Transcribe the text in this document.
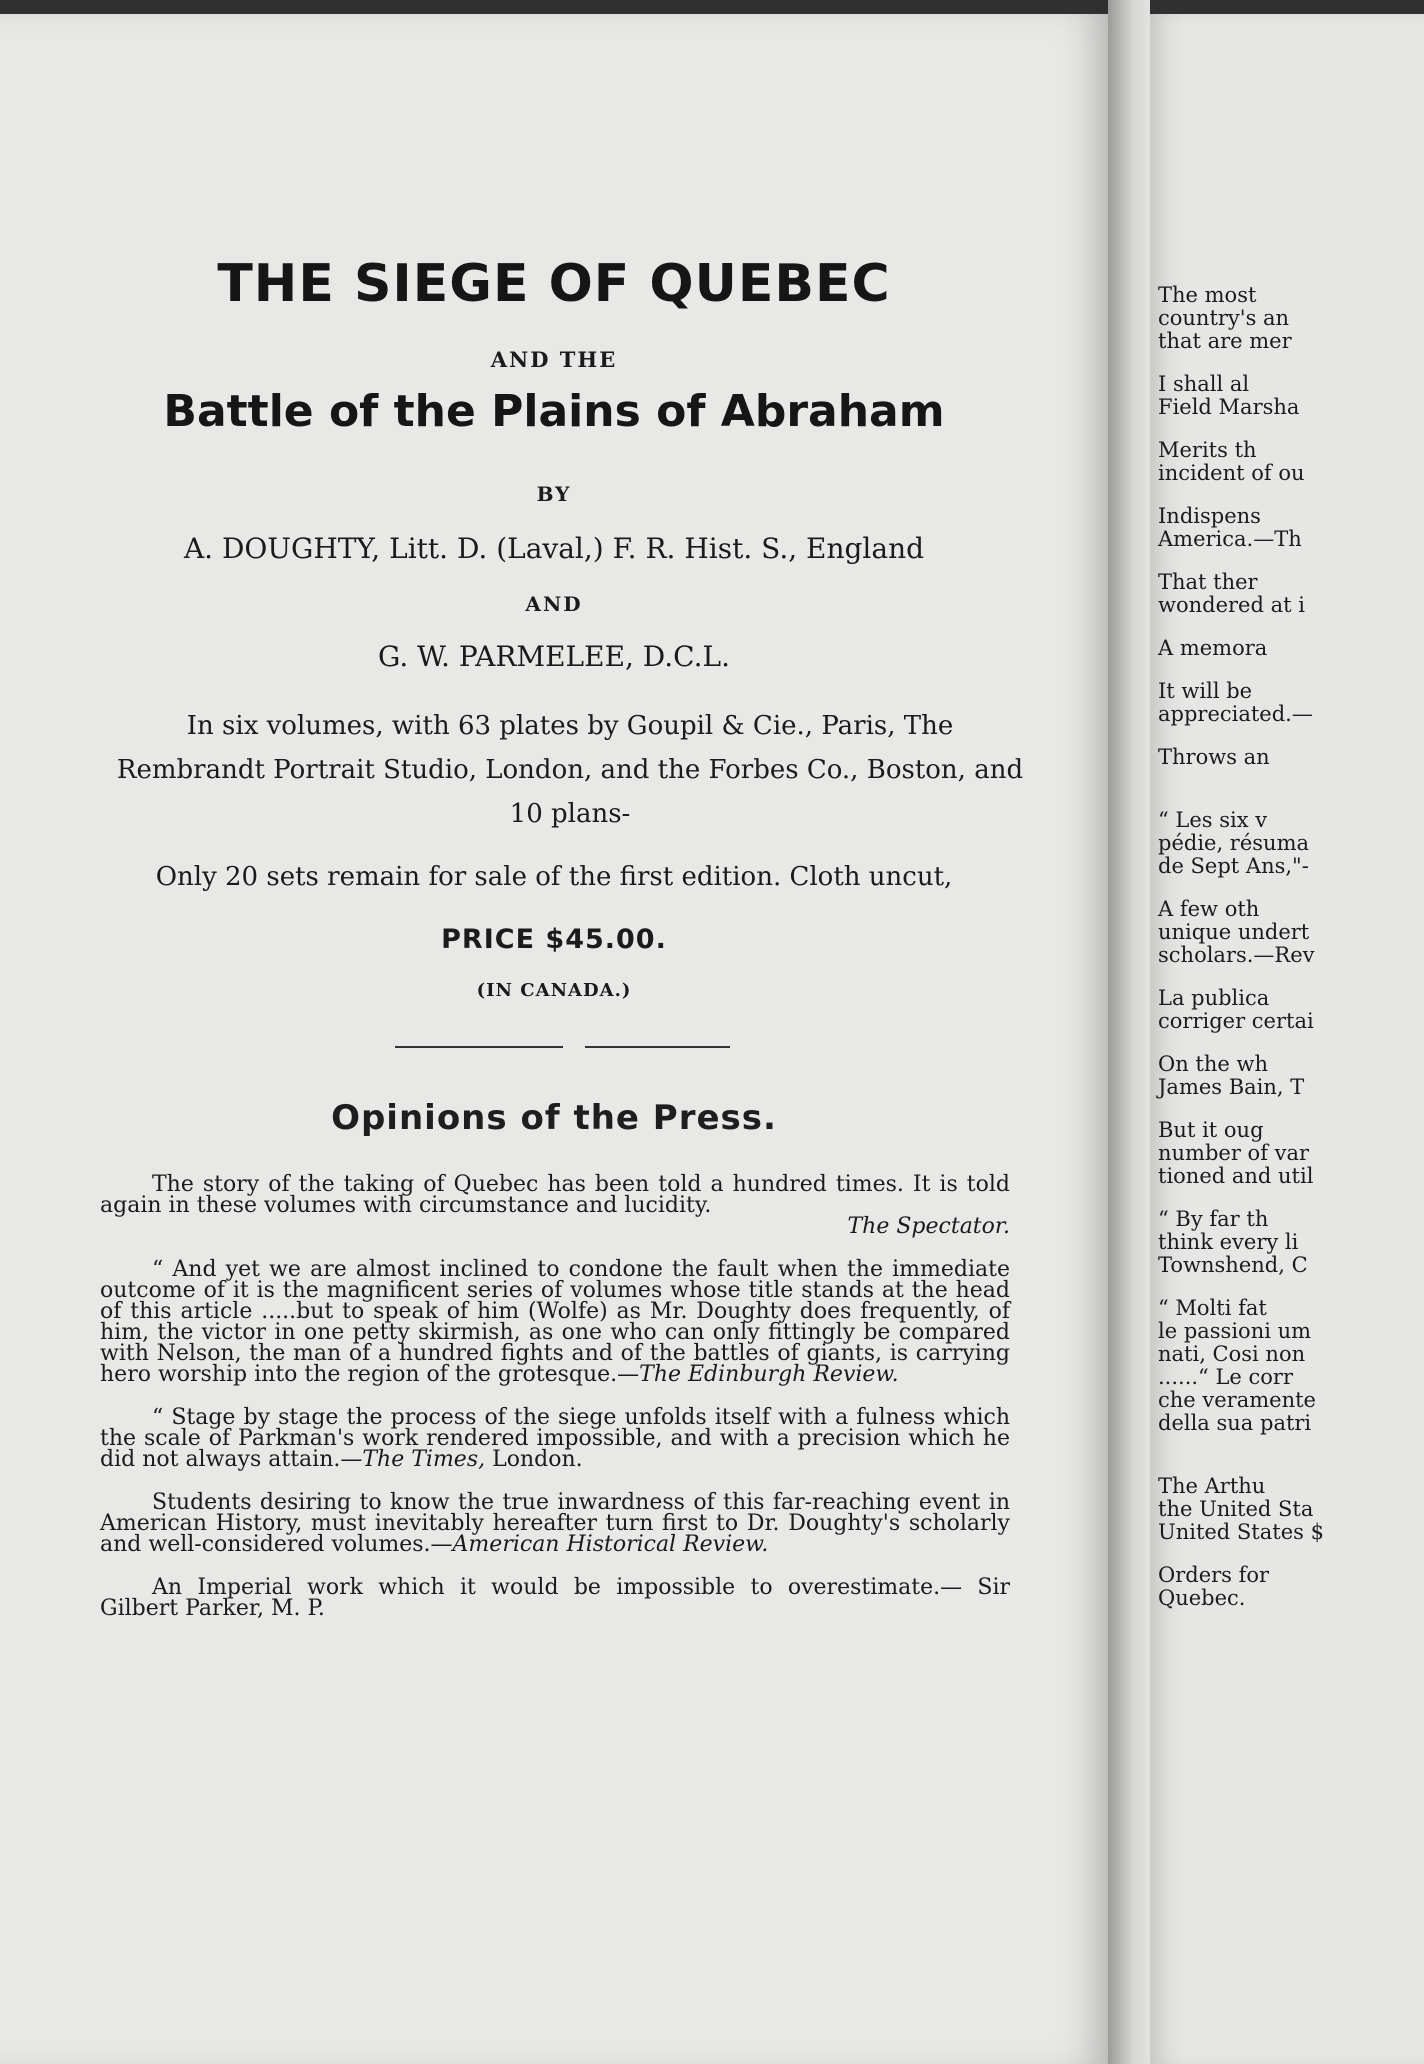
THE SIEGE OF QUEBEC
AND THE
Battle of the Plains of Abraham
BY
A. DOUGHTY, Litt. D. (Laval,) F. R. Hist. S., England
AND
G. W. PARMELEE, D.C.L.
In six volumes, with 63 plates by Goupil & Cie., Paris, The Rembrandt Portrait Studio, London, and the Forbes Co., Boston, and 10 plans-
Only 20 sets remain for sale of the first edition. Cloth uncut,
PRICE $45.00.
(IN CANADA.)
Opinions of the Press.

The story of the taking of Quebec has been told a hundred times. It is told again in these volumes with circumstance and lucidity.
The Spectator.

“ And yet we are almost inclined to condone the fault when the immediate outcome of it is the magnificent series of volumes whose title stands at the head of this article .....but to speak of him (Wolfe) as Mr. Doughty does frequently, of him, the victor in one petty skirmish, as one who can only fittingly be compared with Nelson, the man of a hundred fights and of the battles of giants, is carrying hero worship into the region of the grotesque.—The Edinburgh Review.

“ Stage by stage the process of the siege unfolds itself with a fulness which the scale of Parkman's work rendered impossible, and with a precision which he did not always attain.—The Times, London.

Students desiring to know the true inwardness of this far-reaching event in American History, must inevitably hereafter turn first to Dr. Doughty's scholarly and well-considered volumes.—American Historical Review.

An Imperial work which it would be impossible to overestimate.— Sir Gilbert Parker, M. P.

The most
country's an
that are mer
I shall al
Field Marsha
Merits th
incident of ou
Indispens
America.—Th
That ther
wondered at i
A memora
It will be
appreciated.—
Throws an
“ Les six v
pédie, résuma
de Sept Ans,"-
A few oth
unique undert
scholars.—Rev
La publica
corriger certai
On the wh
James Bain, T
But it oug
number of var
tioned and util
“ By far th
think every li
Townshend, C
“ Molti fat
le passioni um
nati, Cosi non
......“ Le corr
che veramente
della sua patri
The Arthu
the United Sta
United States $
Orders for
Quebec.
